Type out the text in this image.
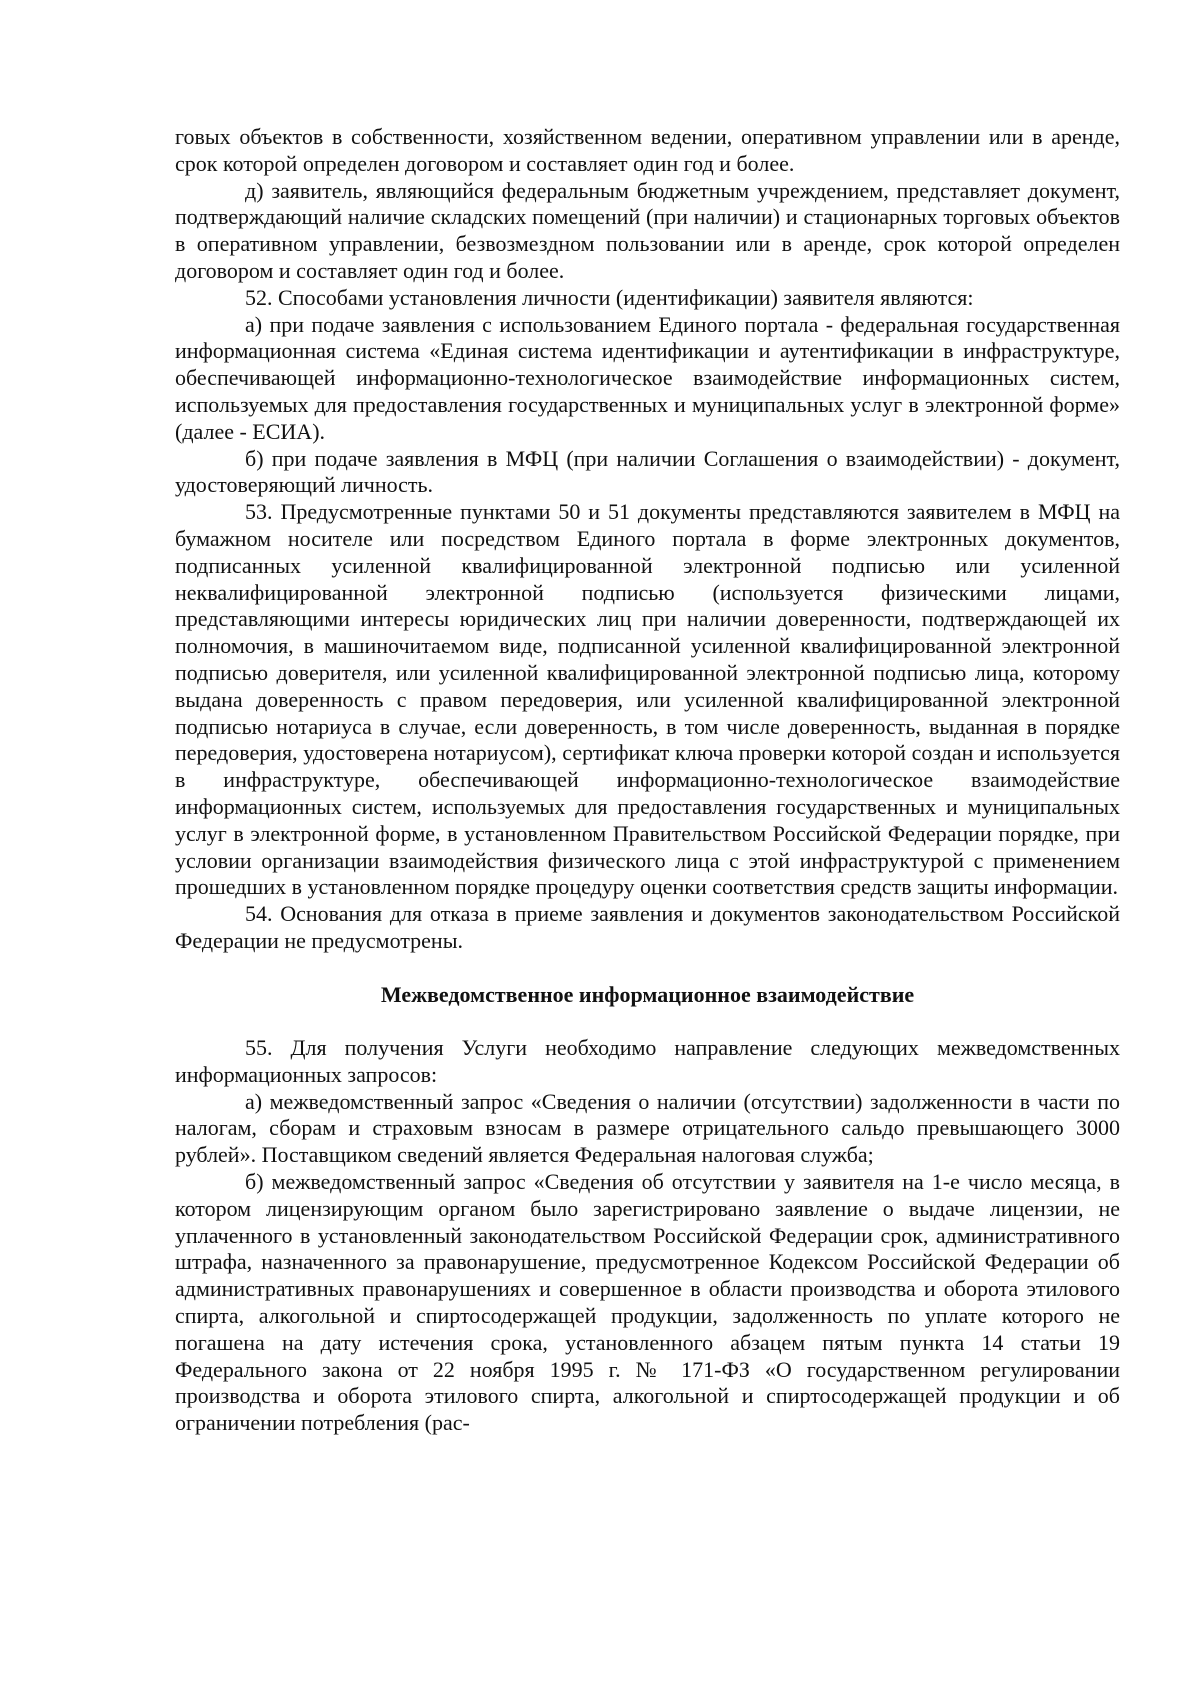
говых объектов в собственности, хозяйственном ведении, оперативном управлении или в аренде, срок которой определен договором и составляет один год и более.

д) заявитель, являющийся федеральным бюджетным учреждением, представляет документ, подтверждающий наличие складских помещений (при наличии) и стационарных торговых объектов в оперативном управлении, безвозмездном пользовании или в аренде, срок которой определен договором и составляет один год и более.

52. Способами установления личности (идентификации) заявителя являются:

а) при подаче заявления с использованием Единого портала - федеральная государственная информационная система «Единая система идентификации и аутентификации в инфраструктуре, обеспечивающей информационно-технологическое взаимодействие информационных систем, используемых для предоставления государственных и муниципальных услуг в электронной форме» (далее - ЕСИА).

б) при подаче заявления в МФЦ (при наличии Соглашения о взаимодействии) - документ, удостоверяющий личность.

53. Предусмотренные пунктами 50 и 51 документы представляются заявителем в МФЦ на бумажном носителе или посредством Единого портала в форме электронных документов, подписанных усиленной квалифицированной электронной подписью или усиленной неквалифицированной электронной подписью (используется физическими лицами, представляющими интересы юридических лиц при наличии доверенности, подтверждающей их полномочия, в машиночитаемом виде, подписанной усиленной квалифицированной электронной подписью доверителя, или усиленной квалифицированной электронной подписью лица, которому выдана доверенность с правом передоверия, или усиленной квалифицированной электронной подписью нотариуса в случае, если доверенность, в том числе доверенность, выданная в порядке передоверия, удостоверена нотариусом), сертификат ключа проверки которой создан и используется в инфраструктуре, обеспечивающей информационно-технологическое взаимодействие информационных систем, используемых для предоставления государственных и муниципальных услуг в электронной форме, в установленном Правительством Российской Федерации порядке, при условии организации взаимодействия физического лица с этой инфраструктурой с применением прошедших в установленном порядке процедуру оценки соответствия средств защиты информации.

54. Основания для отказа в приеме заявления и документов законодательством Российской Федерации не предусмотрены.

Межведомственное информационное взаимодействие

55. Для получения Услуги необходимо направление следующих межведомственных информационных запросов:

а) межведомственный запрос «Сведения о наличии (отсутствии) задолженности в части по налогам, сборам и страховым взносам в размере отрицательного сальдо превышающего 3000 рублей». Поставщиком сведений является Федеральная налоговая служба;

б) межведомственный запрос «Сведения об отсутствии у заявителя на 1-е число месяца, в котором лицензирующим органом было зарегистрировано заявление о выдаче лицензии, не уплаченного в установленный законодательством Российской Федерации срок, административного штрафа, назначенного за правонарушение, предусмотренное Кодексом Российской Федерации об административных правонарушениях и совершенное в области производства и оборота этилового спирта, алкогольной и спиртосодержащей продукции, задолженность по уплате которого не погашена на дату истечения срока, установленного абзацем пятым пункта 14 статьи 19 Федерального закона от 22 ноября 1995 г. № 171-ФЗ «О государственном регулировании производства и оборота этилового спирта, алкогольной и спиртосодержащей продукции и об ограничении потребления (рас-
